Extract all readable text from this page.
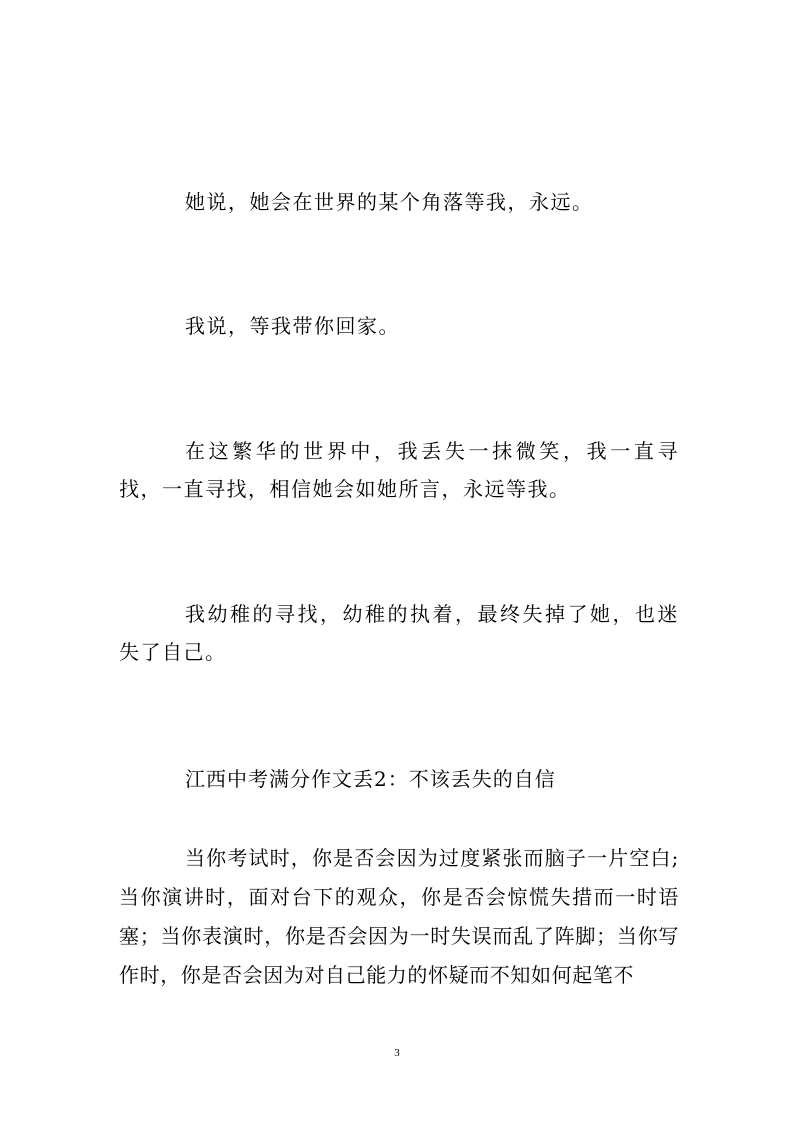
她说，她会在世界的某个角落等我，永远。

我说，等我带你回家。

在这繁华的世界中，我丢失一抹微笑，我一直寻找，一直寻找，相信她会如她所言，永远等我。

我幼稚的寻找，幼稚的执着，最终失掉了她，也迷失了自己。

江西中考满分作文丢2：不该丢失的自信

当你考试时，你是否会因为过度紧张而脑子一片空白;当你演讲时，面对台下的观众，你是否会惊慌失措而一时语塞；当你表演时，你是否会因为一时失误而乱了阵脚；当你写作时，你是否会因为对自己能力的怀疑而不知如何起笔不

3
